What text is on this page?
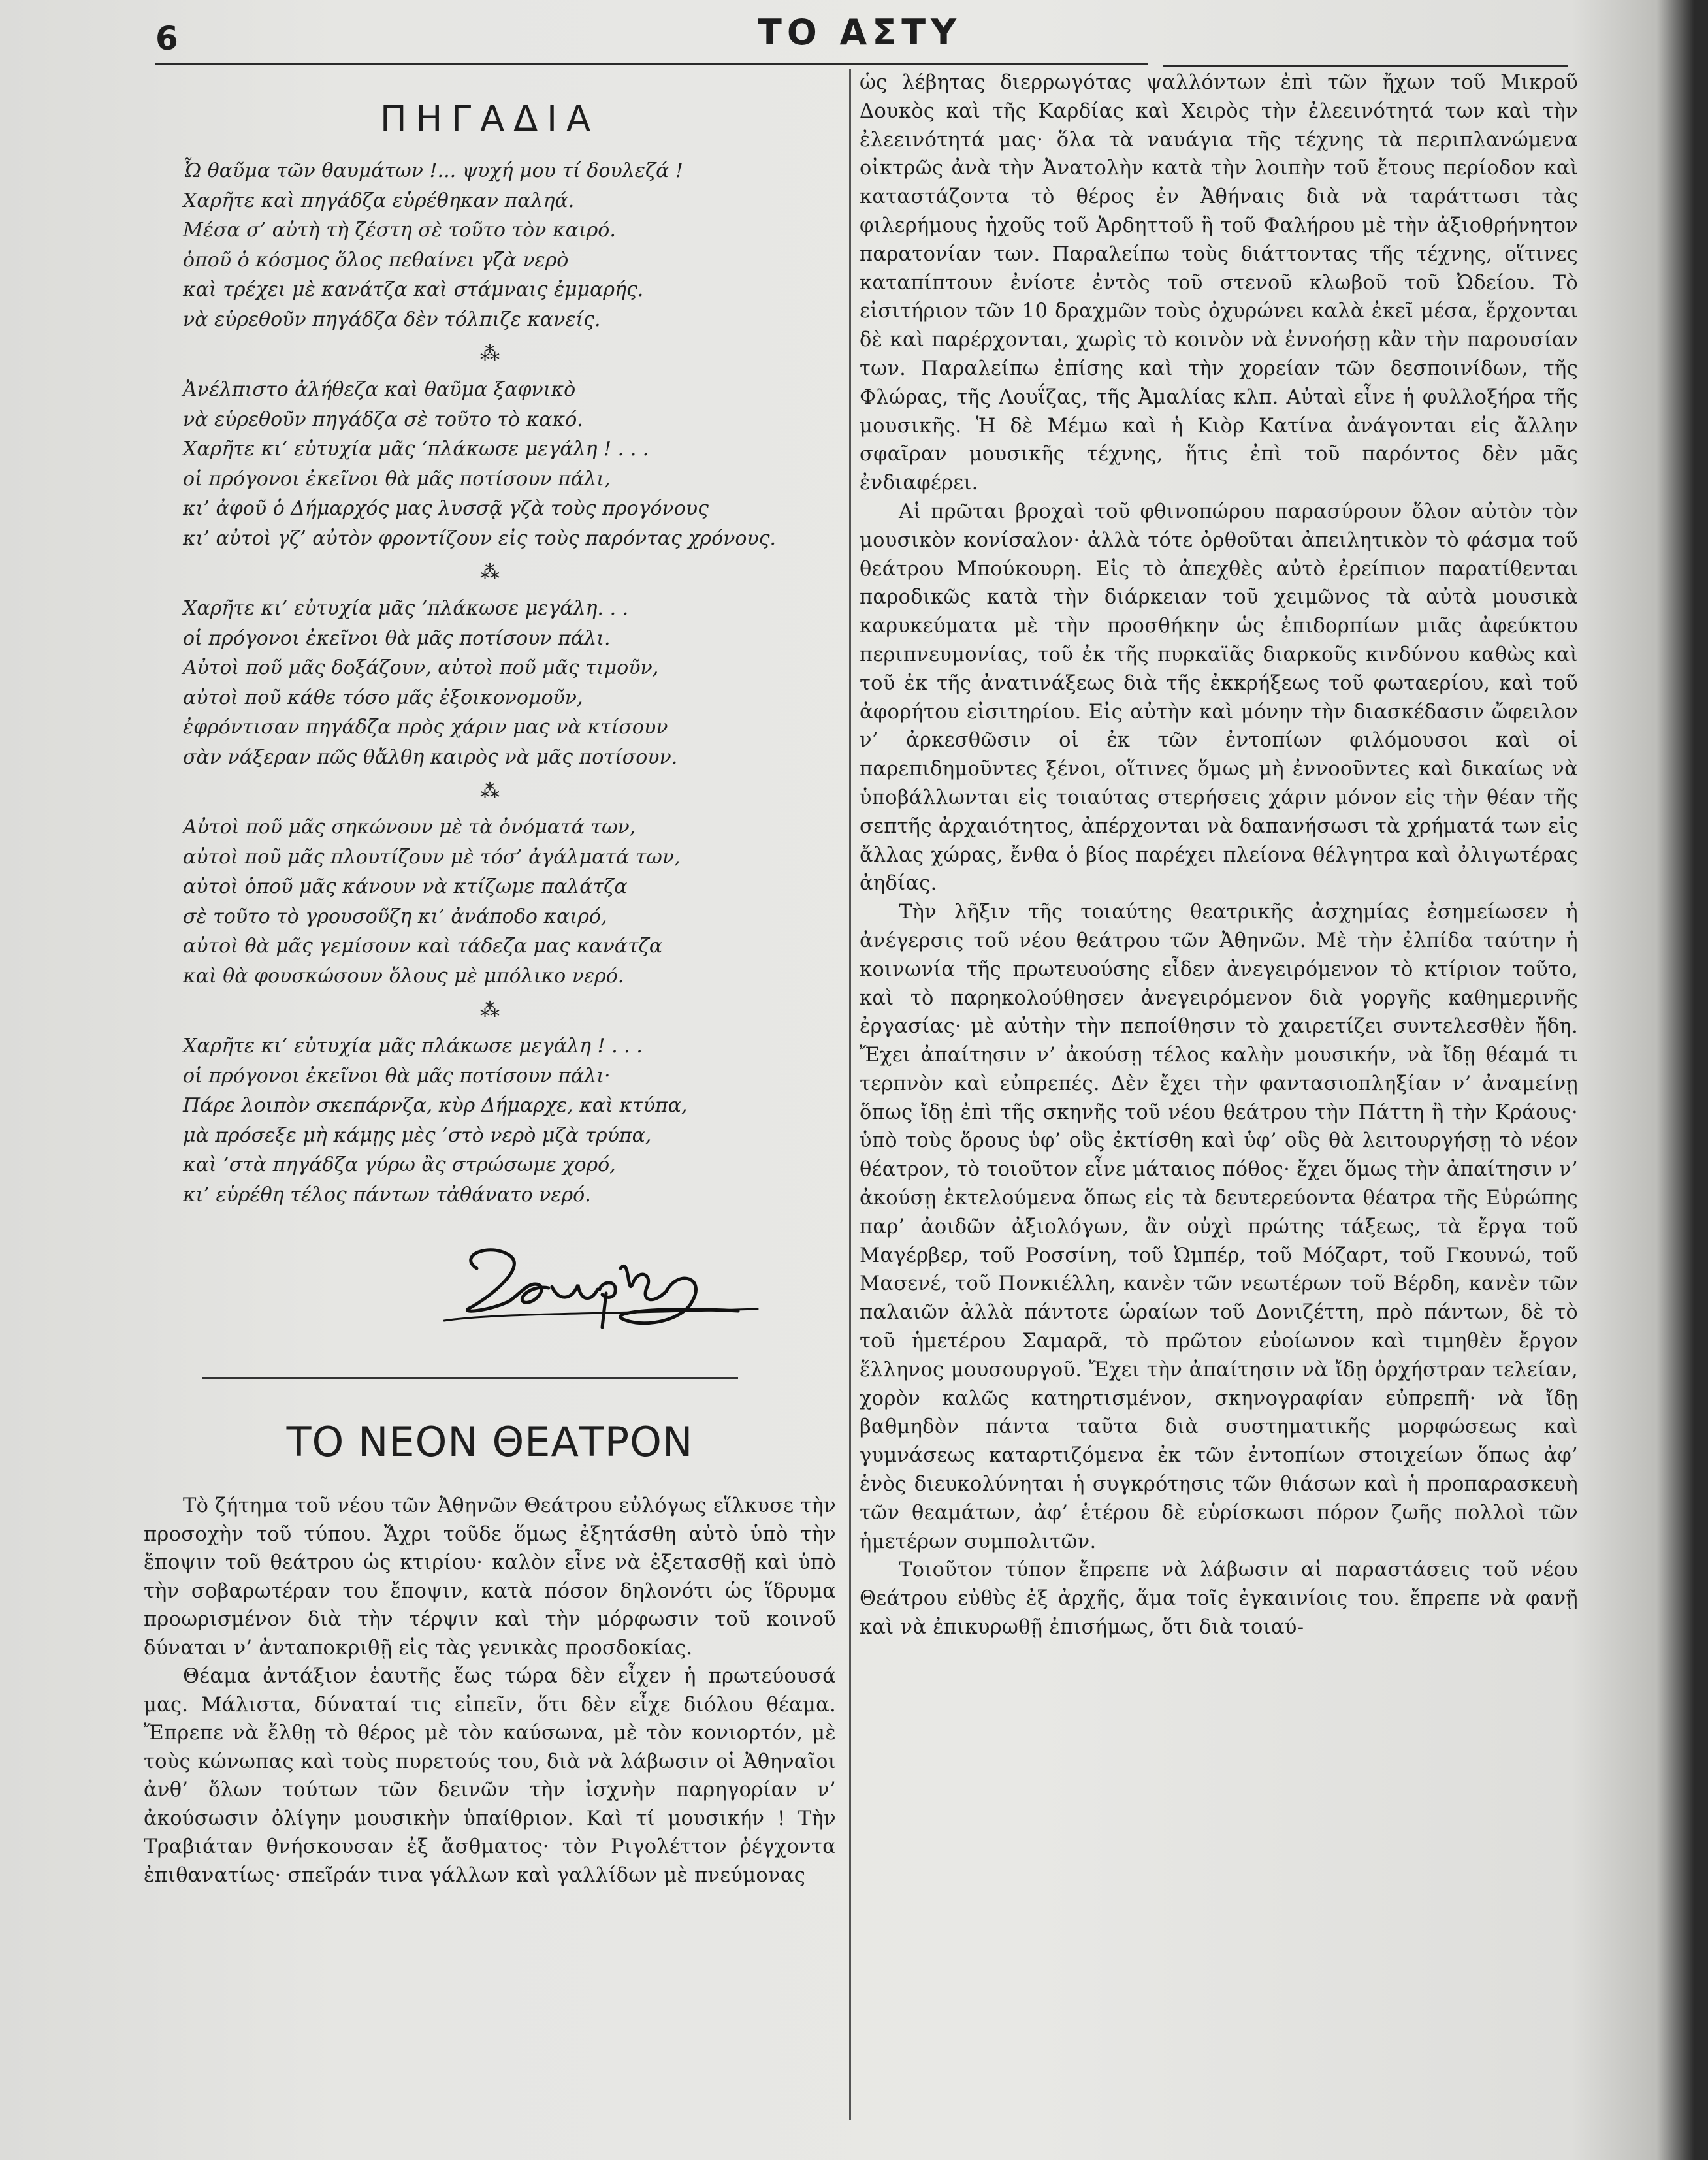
6	ΤΟ ΑΣΤΥ
ΠΗΓΑΔΙΑ

Ὦ θαῦμα τῶν θαυμάτων !... ψυχή μου τί δουλεζά !

Χαρῆτε καὶ πηγάδζα εὑρέθηκαν παληά.

Μέσα σ’ αὐτὴ τὴ ζέστη σὲ τοῦτο τὸν καιρό.

ὁποῦ ὁ κόσμος ὅλος πεθαίνει γζὰ νερὸ

καὶ τρέχει μὲ κανάτζα καὶ στάμναις ἐμμαρής.

νὰ εὑρεθοῦν πηγάδζα δὲν τόλπιζε κανείς.

⁂

Ἀνέλπιστο ἀλήθεζα καὶ θαῦμα ξαφνικὸ

νὰ εὑρεθοῦν πηγάδζα σὲ τοῦτο τὸ κακό.

Χαρῆτε κι’ εὐτυχία μᾶς ’πλάκωσε μεγάλη ! . . .

οἱ πρόγονοι ἐκεῖνοι θὰ μᾶς ποτίσουν πάλι,

κι’ ἀφοῦ ὁ Δήμαρχός μας λυσσᾷ γζὰ τοὺς προγόνους

κι’ αὐτοὶ γζ’ αὐτὸν φροντίζουν εἰς τοὺς παρόντας χρόνους.

⁂

Χαρῆτε κι’ εὐτυχία μᾶς ’πλάκωσε μεγάλη. . .

οἱ πρόγονοι ἐκεῖνοι θὰ μᾶς ποτίσουν πάλι.

Αὐτοὶ ποῦ μᾶς δοξάζουν, αὐτοὶ ποῦ μᾶς τιμοῦν,

αὐτοὶ ποῦ κάθε τόσο μᾶς ἐξοικονομοῦν,

ἐφρόντισαν πηγάδζα πρὸς χάριν μας νὰ κτίσουν

σὰν νάξεραν πῶς θἄλθη καιρὸς νὰ μᾶς ποτίσουν.

⁂

Αὐτοὶ ποῦ μᾶς σηκώνουν μὲ τὰ ὀνόματά των,

αὐτοὶ ποῦ μᾶς πλουτίζουν μὲ τόσ’ ἀγάλματά των,

αὐτοὶ ὁποῦ μᾶς κάνουν νὰ κτίζωμε παλάτζα

σὲ τοῦτο τὸ γρουσοῦζη κι’ ἀνάποδο καιρό,

αὐτοὶ θὰ μᾶς γεμίσουν καὶ τάδεζα μας κανάτζα

καὶ θὰ φουσκώσουν ὅλους μὲ μπόλικο νερό.

⁂

Χαρῆτε κι’ εὐτυχία μᾶς πλάκωσε μεγάλη ! . . .

οἱ πρόγονοι ἐκεῖνοι θὰ μᾶς ποτίσουν πάλι·

Πάρε λοιπὸν σκεπάρνζα, κὺρ Δήμαρχε, καὶ κτύπα,

μὰ πρόσεξε μὴ κάμῃς μὲς ’στὸ νερὸ μζὰ τρύπα,

καὶ ’στὰ πηγάδζα γύρω ἂς στρώσωμε χορό,

κι’ εὑρέθη τέλος πάντων τἀθάνατο νερό.

ΤΟ ΝΕΟΝ ΘΕΑΤΡΟΝ

Τὸ ζήτημα τοῦ νέου τῶν Ἀθηνῶν Θεάτρου εὐλόγως εἵλκυσε τὴν προσοχὴν τοῦ τύπου. Ἄχρι τοῦδε ὅμως ἐξητάσθη αὐτὸ ὑπὸ τὴν ἔποψιν τοῦ θεάτρου ὡς κτιρίου· καλὸν εἶνε νὰ ἐξετασθῇ καὶ ὑπὸ τὴν σοβαρωτέραν του ἔποψιν, κατὰ πόσον δηλονότι ὡς ἵδρυμα προωρισμένον διὰ τὴν τέρψιν καὶ τὴν μόρφωσιν τοῦ κοινοῦ δύναται ν’ ἀνταποκριθῇ εἰς τὰς γενικὰς προσδοκίας.

Θέαμα ἀντάξιον ἑαυτῆς ἕως τώρα δὲν εἶχεν ἡ πρωτεύουσά μας. Μάλιστα, δύναταί τις εἰπεῖν, ὅτι δὲν εἶχε διόλου θέαμα. Ἔπρεπε νὰ ἔλθῃ τὸ θέρος μὲ τὸν καύσωνα, μὲ τὸν κονιορτόν, μὲ τοὺς κώνωπας καὶ τοὺς πυρετούς του, διὰ νὰ λάβωσιν οἱ Ἀθηναῖοι ἀνθ’ ὅλων τούτων τῶν δεινῶν τὴν ἰσχνὴν παρηγορίαν ν’ ἀκούσωσιν ὀλίγην μουσικὴν ὑπαίθριον. Καὶ τί μουσικήν ! Τὴν Τραβιάταν θνήσκουσαν ἐξ ἄσθματος· τὸν Ριγολέττον ῥέγχοντα ἐπιθανατίως· σπεῖράν τινα γάλλων καὶ γαλλίδων μὲ πνεύμονας

ὡς λέβητας διερρωγότας ψαλλόντων ἐπὶ τῶν ἤχων τοῦ Μικροῦ Δουκὸς καὶ τῆς Καρδίας καὶ Χειρὸς τὴν ἐλεεινότητά των καὶ τὴν ἐλεεινότητά μας· ὅλα τὰ ναυάγια τῆς τέχνης τὰ περιπλανώμενα οἰκτρῶς ἀνὰ τὴν Ἀνατολὴν κατὰ τὴν λοιπὴν τοῦ ἔτους περίοδον καὶ καταστάζοντα τὸ θέρος ἐν Ἀθήναις διὰ νὰ ταράττωσι τὰς φιλερήμους ἠχοῦς τοῦ Ἀρδηττοῦ ἢ τοῦ Φαλήρου μὲ τὴν ἀξιοθρήνητον παρατονίαν των. Παραλείπω τοὺς διάττοντας τῆς τέχνης, οἵτινες καταπίπτουν ἐνίοτε ἐντὸς τοῦ στενοῦ κλωβοῦ τοῦ Ὠδείου. Τὸ εἰσιτήριον τῶν 10 δραχμῶν τοὺς ὀχυρώνει καλὰ ἐκεῖ μέσα, ἔρχονται δὲ καὶ παρέρχονται, χωρὶς τὸ κοινὸν νὰ ἐννοήσῃ κἂν τὴν παρουσίαν των. Παραλείπω ἐπίσης καὶ τὴν χορείαν τῶν δεσποινίδων, τῆς Φλώρας, τῆς Λουΐζας, τῆς Ἀμαλίας κλπ. Αὐταὶ εἶνε ἡ φυλλοξήρα τῆς μουσικῆς. Ἡ δὲ Μέμω καὶ ἡ Κιὸρ Κατίνα ἀνάγονται εἰς ἄλλην σφαῖραν μουσικῆς τέχνης, ἥτις ἐπὶ τοῦ παρόντος δὲν μᾶς ἐνδιαφέρει.

Αἱ πρῶται βροχαὶ τοῦ φθινοπώρου παρασύρουν ὅλον αὐτὸν τὸν μουσικὸν κονίσαλον· ἀλλὰ τότε ὀρθοῦται ἀπειλητικὸν τὸ φάσμα τοῦ θεάτρου Μπούκουρη. Εἰς τὸ ἀπεχθὲς αὐτὸ ἐρείπιον παρατίθενται παροδικῶς κατὰ τὴν διάρκειαν τοῦ χειμῶνος τὰ αὐτὰ μουσικὰ καρυκεύματα μὲ τὴν προσθήκην ὡς ἐπιδορπίων μιᾶς ἀφεύκτου περιπνευμονίας, τοῦ ἐκ τῆς πυρκαϊᾶς διαρκοῦς κινδύνου καθὼς καὶ τοῦ ἐκ τῆς ἀνατινάξεως διὰ τῆς ἐκκρήξεως τοῦ φωταερίου, καὶ τοῦ ἀφορήτου εἰσιτηρίου. Εἰς αὐτὴν καὶ μόνην τὴν διασκέδασιν ὤφειλον ν’ ἀρκεσθῶσιν οἱ ἐκ τῶν ἐντοπίων φιλόμουσοι καὶ οἱ παρεπιδημοῦντες ξένοι, οἵτινες ὅμως μὴ ἐννοοῦντες καὶ δικαίως νὰ ὑποβάλλωνται εἰς τοιαύτας στερήσεις χάριν μόνον εἰς τὴν θέαν τῆς σεπτῆς ἀρχαιότητος, ἀπέρχονται νὰ δαπανήσωσι τὰ χρήματά των εἰς ἄλλας χώρας, ἔνθα ὁ βίος παρέχει πλείονα θέλγητρα καὶ ὀλιγωτέρας ἀηδίας.

Τὴν λῆξιν τῆς τοιαύτης θεατρικῆς ἀσχημίας ἐσημείωσεν ἡ ἀνέγερσις τοῦ νέου θεάτρου τῶν Ἀθηνῶν. Μὲ τὴν ἐλπίδα ταύτην ἡ κοινωνία τῆς πρωτευούσης εἶδεν ἀνεγειρόμενον τὸ κτίριον τοῦτο, καὶ τὸ παρηκολούθησεν ἀνεγειρόμενον διὰ γοργῆς καθημερινῆς ἐργασίας· μὲ αὐτὴν τὴν πεποίθησιν τὸ χαιρετίζει συντελεσθὲν ἤδη. Ἔχει ἀπαίτησιν ν’ ἀκούσῃ τέλος καλὴν μουσικήν, νὰ ἴδῃ θέαμά τι τερπνὸν καὶ εὐπρεπές. Δὲν ἔχει τὴν φαντασιοπληξίαν ν’ ἀναμείνῃ ὅπως ἴδῃ ἐπὶ τῆς σκηνῆς τοῦ νέου θεάτρου τὴν Πάττη ἢ τὴν Κράους· ὑπὸ τοὺς ὅρους ὑφ’ οὓς ἐκτίσθη καὶ ὑφ’ οὓς θὰ λειτουργήσῃ τὸ νέον θέατρον, τὸ τοιοῦτον εἶνε μάταιος πόθος· ἔχει ὅμως τὴν ἀπαίτησιν ν’ ἀκούσῃ ἐκτελούμενα ὅπως εἰς τὰ δευτερεύοντα θέατρα τῆς Εὐρώπης παρ’ ἀοιδῶν ἀξιολόγων, ἂν οὐχὶ πρώτης τάξεως, τὰ ἔργα τοῦ Μαγέρβερ, τοῦ Ροσσίνη, τοῦ Ὠμπέρ, τοῦ Μόζαρτ, τοῦ Γκουνώ, τοῦ Μασενέ, τοῦ Πονκιέλλη, κανὲν τῶν νεωτέρων τοῦ Βέρδη, κανὲν τῶν παλαιῶν ἀλλὰ πάντοτε ὡραίων τοῦ Δονιζέττη, πρὸ πάντων, δὲ τὸ τοῦ ἡμετέρου Σαμαρᾶ, τὸ πρῶτον εὐοίωνον καὶ τιμηθὲν ἔργον ἕλληνος μουσουργοῦ. Ἔχει τὴν ἀπαίτησιν νὰ ἴδῃ ὀρχήστραν τελείαν, χορὸν καλῶς κατηρτισμένον, σκηνογραφίαν εὐπρεπῆ· νὰ ἴδῃ βαθμηδὸν πάντα ταῦτα διὰ συστηματικῆς μορφώσεως καὶ γυμνάσεως καταρτιζόμενα ἐκ τῶν ἐντοπίων στοιχείων ὅπως ἀφ’ ἑνὸς διευκολύνηται ἡ συγκρότησις τῶν θιάσων καὶ ἡ προπαρασκευὴ τῶν θεαμάτων, ἀφ’ ἑτέρου δὲ εὑρίσκωσι πόρον ζωῆς πολλοὶ τῶν ἡμετέρων συμπολιτῶν.

Τοιοῦτον τύπον ἔπρεπε νὰ λάβωσιν αἱ παραστάσεις τοῦ νέου Θεάτρου εὐθὺς ἐξ ἀρχῆς, ἅμα τοῖς ἐγκαινίοις του. ἔπρεπε νὰ φανῇ καὶ νὰ ἐπικυρωθῇ ἐπισήμως, ὅτι διὰ τοιαύ-
